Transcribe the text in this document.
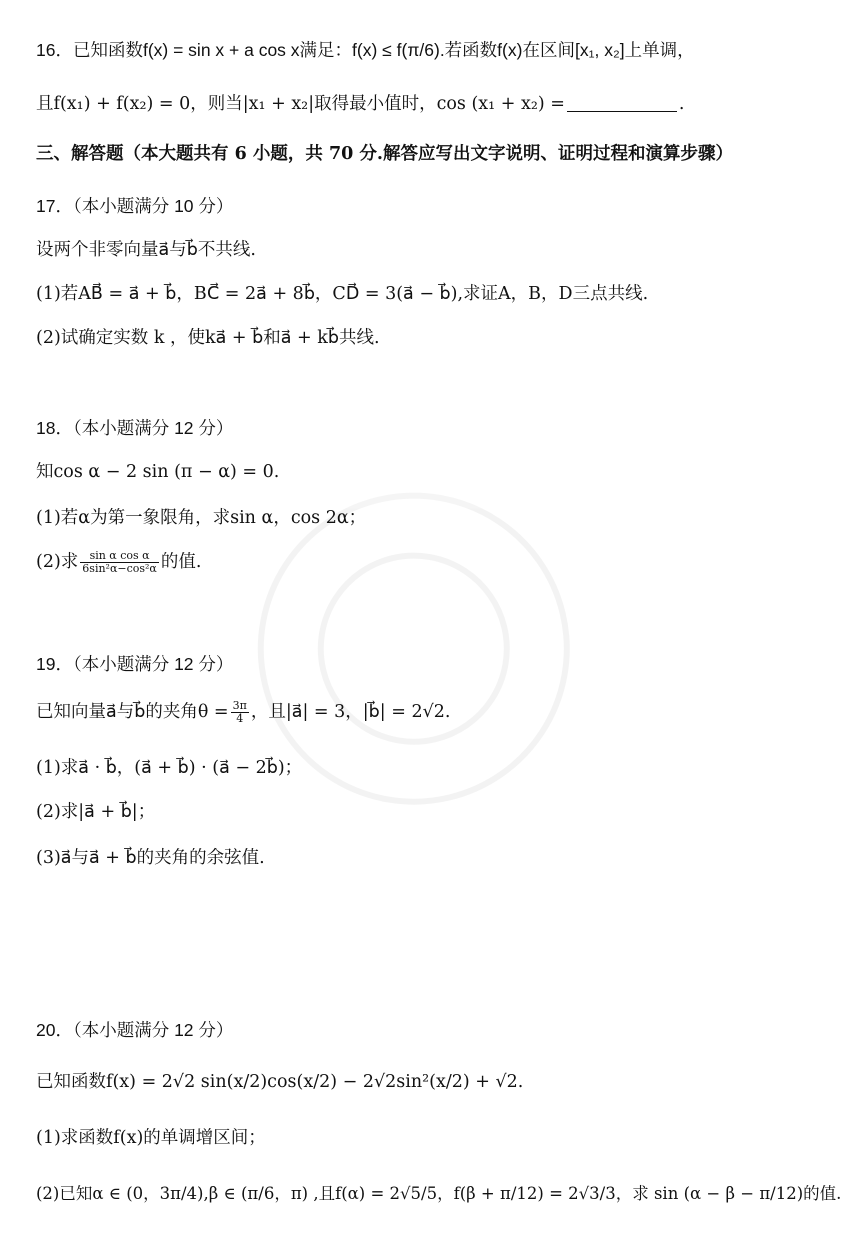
16．已知函数f(x) = sin x + a cos x满足：f(x) ≤ f(π/6).若函数f(x)在区间[x₁, x₂]上单调，
且f(x₁) + f(x₂) = 0，则当|x₁ + x₂|取得最小值时，cos (x₁ + x₂) =	.
三、解答题（本大题共有 6 小题，共 70 分.解答应写出文字说明、证明过程和演算步骤）
17．（本小题满分 10 分）
设两个非零向量a⃗与b⃗不共线.
(1)若AB⃗ = a⃗ + b⃗，BC⃗ = 2a⃗ + 8b⃗，CD⃗ = 3(a⃗ − b⃗),求证A，B，D三点共线.
(2)试确定实数 k ，使ka⃗ + b⃗和a⃗ + kb⃗共线.
18．（本小题满分 12 分）
知cos α − 2 sin (π − α) = 0.
(1)若α为第一象限角，求sin α，cos 2α；
(2)求 $\frac{\text{sin α cos α}}{\text{6sin²α−cos²α}}$ 的值.
19．（本小题满分 12 分）
已知向量a⃗与b⃗的夹角$\theta = \frac{3\pi}{4}$ ，且|a⃗| = 3，|b⃗| = 2√2.
(1)求a⃗ · b⃗，(a⃗ + b⃗) · (a⃗ − 2b⃗)；
(2)求|a⃗ + b⃗|；
(3)a⃗与a⃗ + b⃗的夹角的余弦值.
20．（本小题满分 12 分）
已知函数f(x) = 2√2 sin(x/2)cos(x/2) − 2√2sin²(x/2) + √2.
(1)求函数f(x)的单调增区间；
(2)已知α ∈ (0，3π/4),β ∈ (π/6，π) ,且f(α) = 2√5/5，f(β + π/12) = 2√3/3，求 sin (α − β − π/12)的值.
